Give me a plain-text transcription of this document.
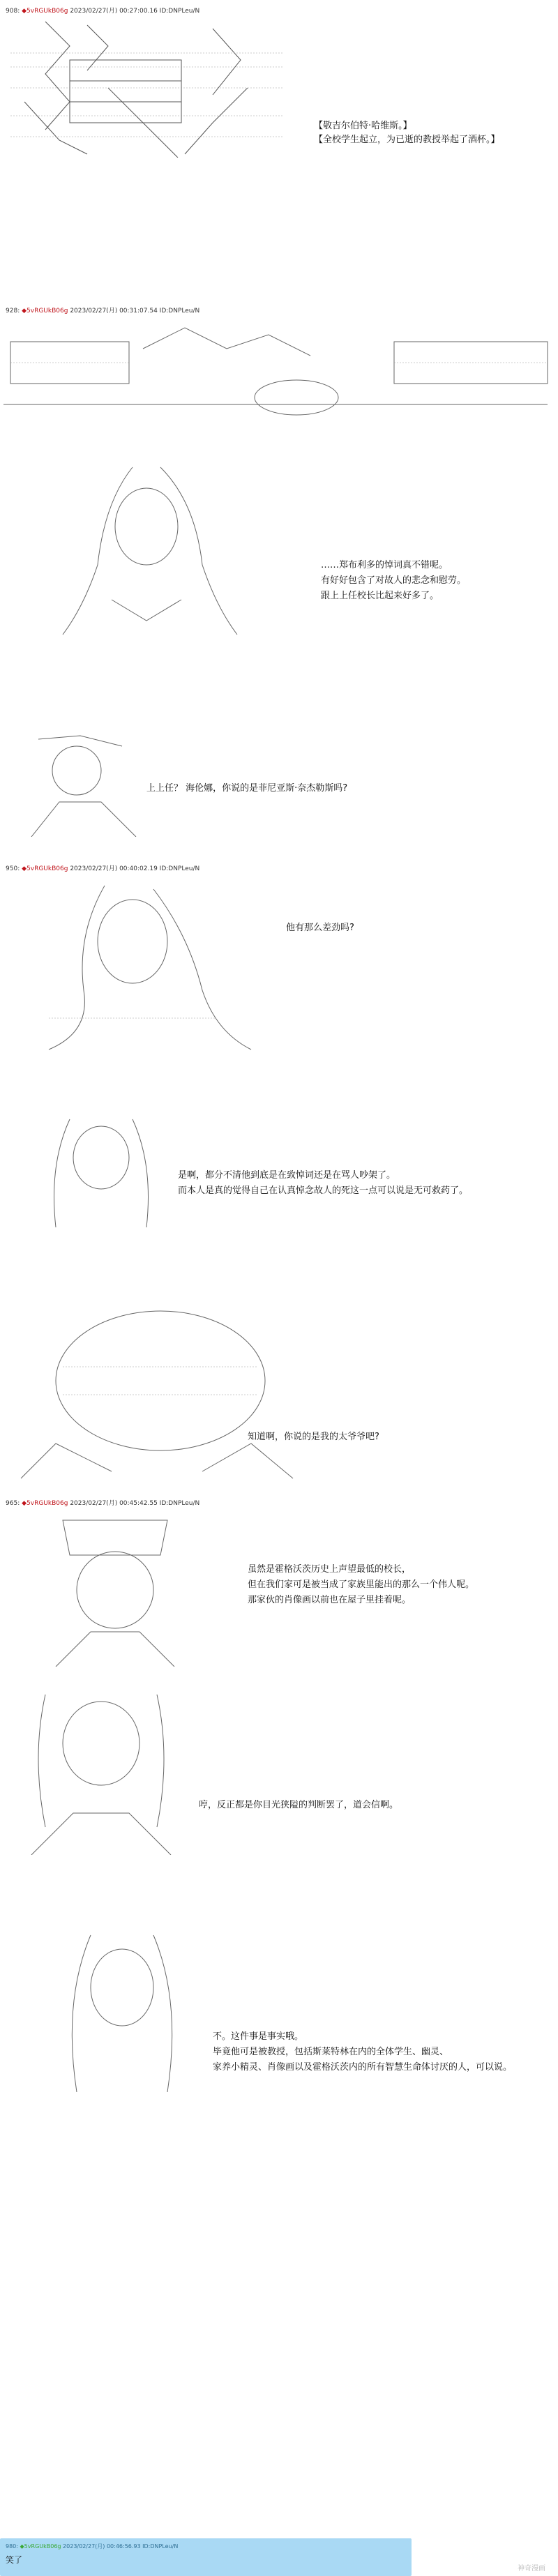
908: ◆5vRGUkB06g 2023/02/27(月) 00:27:00.16 ID:DNPLeu/N
【敬吉尔伯特·哈维斯。】
【全校学生起立，为已逝的教授举起了酒杯。】
928: ◆5vRGUkB06g 2023/02/27(月) 00:31:07.54 ID:DNPLeu/N
……郑布利多的悼词真不错呢。
有好好包含了对故人的悲念和慰劳。
跟上上任校长比起来好多了。
上上任？ 海伦娜，你说的是菲尼亚斯·奈杰勒斯吗?
950: ◆5vRGUkB06g 2023/02/27(月) 00:40:02.19 ID:DNPLeu/N
他有那么差劲吗?
是啊，都分不清他到底是在致悼词还是在骂人吵架了。
而本人是真的觉得自己在认真悼念故人的死这一点可以说是无可救药了。
知道啊，你说的是我的太爷爷吧?
965: ◆5vRGUkB06g 2023/02/27(月) 00:45:42.55 ID:DNPLeu/N
虽然是霍格沃茨历史上声望最低的校长，
但在我们家可是被当成了家族里能出的那么一个伟人呢。
那家伙的肖像画以前也在屋子里挂着呢。
哼，反正都是你目光狭隘的判断罢了，道会信啊。
不。这件事是事实哦。
毕竟他可是被教授，包括斯莱特林在内的全体学生、幽灵、
家养小精灵、肖像画以及霍格沃茨内的所有智慧生命体讨厌的人，可以说。
980: ◆5vRGUkB06g 2023/02/27(月) 00:46:56.93 ID:DNPLeu/N
笑了
神奇漫画
